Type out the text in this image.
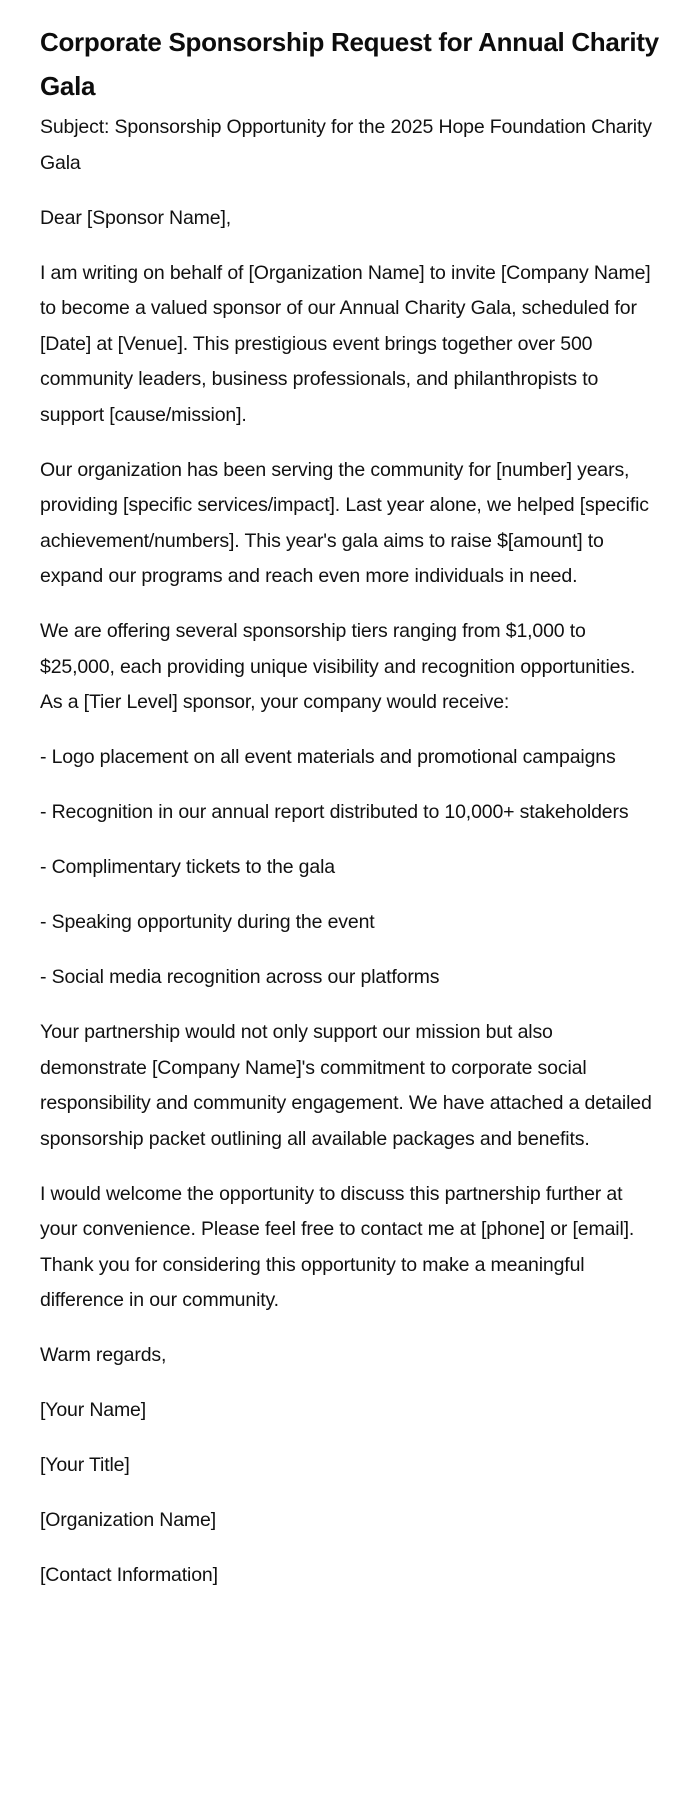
Corporate Sponsorship Request for Annual Charity Gala

Subject: Sponsorship Opportunity for the 2025 Hope Foundation Charity Gala

Dear [Sponsor Name],

I am writing on behalf of [Organization Name] to invite [Company Name] to become a valued sponsor of our Annual Charity Gala, scheduled for [Date] at [Venue]. This prestigious event brings together over 500 community leaders, business professionals, and philanthropists to support [cause/mission].

Our organization has been serving the community for [number] years, providing [specific services/impact]. Last year alone, we helped [specific achievement/numbers]. This year's gala aims to raise $[amount] to expand our programs and reach even more individuals in need.

We are offering several sponsorship tiers ranging from $1,000 to $25,000, each providing unique visibility and recognition opportunities. As a [Tier Level] sponsor, your company would receive:

- Logo placement on all event materials and promotional campaigns

- Recognition in our annual report distributed to 10,000+ stakeholders

- Complimentary tickets to the gala

- Speaking opportunity during the event

- Social media recognition across our platforms

Your partnership would not only support our mission but also demonstrate [Company Name]'s commitment to corporate social responsibility and community engagement. We have attached a detailed sponsorship packet outlining all available packages and benefits.

I would welcome the opportunity to discuss this partnership further at your convenience. Please feel free to contact me at [phone] or [email]. Thank you for considering this opportunity to make a meaningful difference in our community.

Warm regards,

[Your Name]

[Your Title]

[Organization Name]

[Contact Information]
